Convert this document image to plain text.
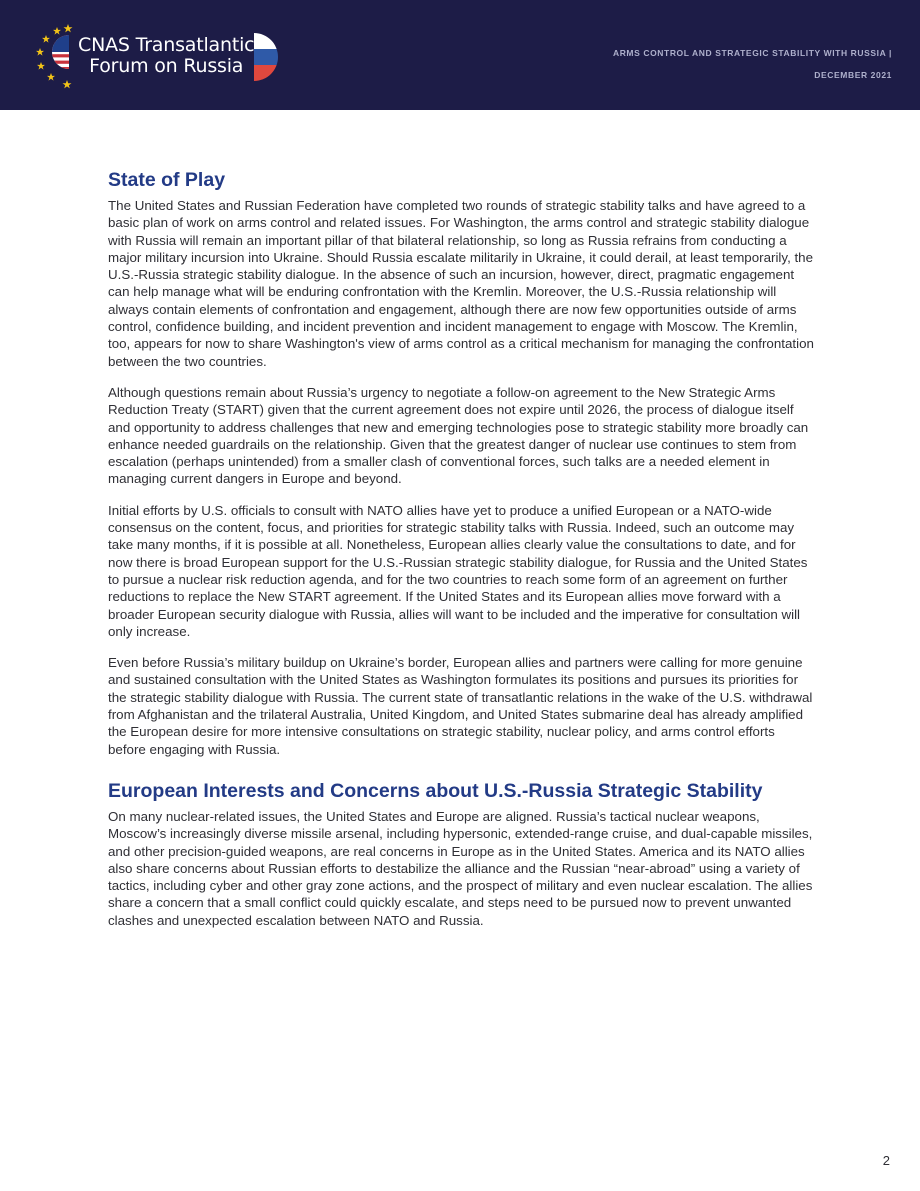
CNAS Transatlantic
Forum on Russia
ARMS CONTROL AND STRATEGIC STABILITY WITH RUSSIA |
DECEMBER 2021
State of Play

The United States and Russian Federation have completed two rounds of strategic stability talks and have agreed to a basic plan of work on arms control and related issues. For Washington, the arms control and strategic stability dialogue with Russia will remain an important pillar of that bilateral relationship, so long as Russia refrains from conducting a major military incursion into Ukraine. Should Russia escalate militarily in Ukraine, it could derail, at least temporarily, the U.S.-Russia strategic stability dialogue. In the absence of such an incursion, however, direct, pragmatic engagement can help manage what will be enduring confrontation with the Kremlin. Moreover, the U.S.-Russia relationship will always contain elements of confrontation and engagement, although there are now few opportunities outside of arms control, confidence building, and incident prevention and incident management to engage with Moscow. The Kremlin, too, appears for now to share Washington's view of arms control as a critical mechanism for managing the confrontation between the two countries.

Although questions remain about Russia’s urgency to negotiate a follow-on agreement to the New Strategic Arms Reduction Treaty (START) given that the current agreement does not expire until 2026, the process of dialogue itself and opportunity to address challenges that new and emerging technologies pose to strategic stability more broadly can enhance needed guardrails on the relationship. Given that the greatest danger of nuclear use continues to stem from escalation (perhaps unintended) from a smaller clash of conventional forces, such talks are a needed element in managing current dangers in Europe and beyond.

Initial efforts by U.S. officials to consult with NATO allies have yet to produce a unified European or a NATO-wide consensus on the content, focus, and priorities for strategic stability talks with Russia. Indeed, such an outcome may take many months, if it is possible at all. Nonetheless, European allies clearly value the consultations to date, and for now there is broad European support for the U.S.-Russian strategic stability dialogue, for Russia and the United States to pursue a nuclear risk reduction agenda, and for the two countries to reach some form of an agreement on further reductions to replace the New START agreement. If the United States and its European allies move forward with a broader European security dialogue with Russia, allies will want to be included and the imperative for consultation will only increase.

Even before Russia’s military buildup on Ukraine’s border, European allies and partners were calling for more genuine and sustained consultation with the United States as Washington formulates its positions and pursues its priorities for the strategic stability dialogue with Russia. The current state of transatlantic relations in the wake of the U.S. withdrawal from Afghanistan and the trilateral Australia, United Kingdom, and United States submarine deal has already amplified the European desire for more intensive consultations on strategic stability, nuclear policy, and arms control efforts before engaging with Russia.

European Interests and Concerns about U.S.-Russia Strategic Stability

On many nuclear-related issues, the United States and Europe are aligned. Russia’s tactical nuclear weapons, Moscow’s increasingly diverse missile arsenal, including hypersonic, extended-range cruise, and dual-capable missiles, and other precision-guided weapons, are real concerns in Europe as in the United States. America and its NATO allies also share concerns about Russian efforts to destabilize the alliance and the Russian “near-abroad” using a variety of tactics, including cyber and other gray zone actions, and the prospect of military and even nuclear escalation. The allies share a concern that a small conflict could quickly escalate, and steps need to be pursued now to prevent unwanted clashes and unexpected escalation between NATO and Russia.

2
